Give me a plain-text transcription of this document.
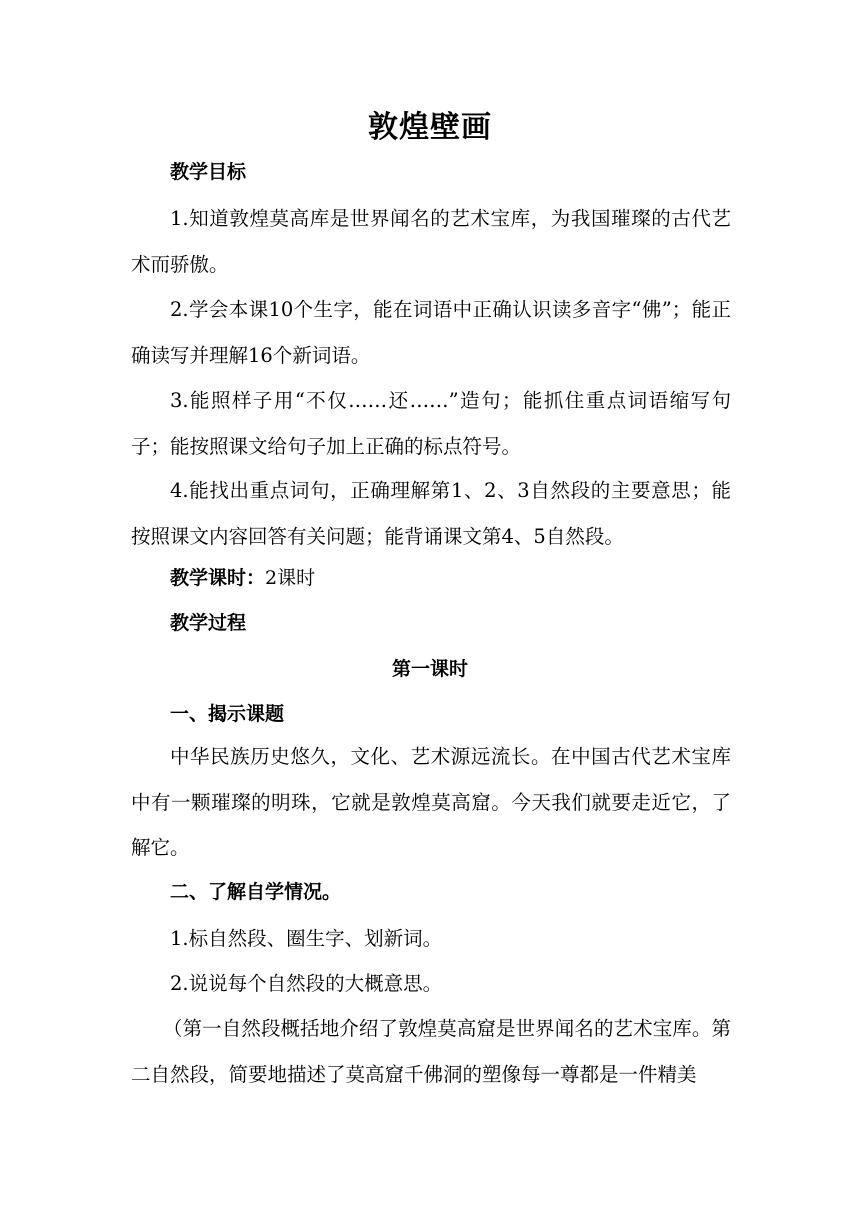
敦煌壁画
教学目标

1.知道敦煌莫高库是世界闻名的艺术宝库，为我国璀璨的古代艺术而骄傲。

2.学会本课10个生字，能在词语中正确认识读多音字“佛”；能正确读写并理解16个新词语。

3.能照样子用“不仅……还……”造句；能抓住重点词语缩写句子；能按照课文给句子加上正确的标点符号。

4.能找出重点词句，正确理解第1、2、3自然段的主要意思；能按照课文内容回答有关问题；能背诵课文第4、5自然段。

教学课时：2课时
教学过程
第一课时
一、揭示课题

中华民族历史悠久，文化、艺术源远流长。在中国古代艺术宝库中有一颗璀璨的明珠，它就是敦煌莫高窟。今天我们就要走近它，了解它。

二、了解自学情况。

1.标自然段、圈生字、划新词。

2.说说每个自然段的大概意思。

（第一自然段概括地介绍了敦煌莫高窟是世界闻名的艺术宝库。第二自然段，简要地描述了莫高窟千佛洞的塑像每一尊都是一件精美
